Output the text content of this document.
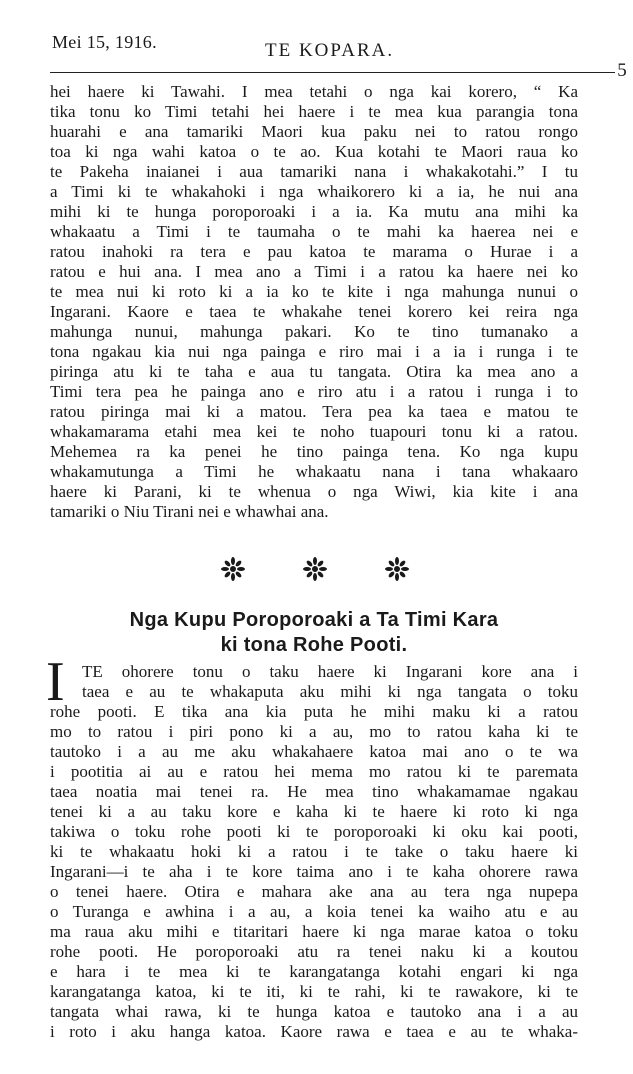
Mei 15, 1916.	TE KOPARA.
5
hei haere ki Tawahi. I mea tetahi o nga kai korero, “ Ka
tika tonu ko Timi tetahi hei haere i te mea kua parangia tona
huarahi e ana tamariki Maori kua paku nei to ratou rongo
toa ki nga wahi katoa o te ao. Kua kotahi te Maori raua ko
te Pakeha inaianei i aua tamariki nana i whakakotahi.” I tu
a Timi ki te whakahoki i nga whaikorero ki a ia, he nui ana
mihi ki te hunga poroporoaki i a ia. Ka mutu ana mihi ka
whakaatu a Timi i te taumaha o te mahi ka haerea nei e
ratou inahoki ra tera e pau katoa te marama o Hurae i a
ratou e hui ana. I mea ano a Timi i a ratou ka haere nei ko
te mea nui ki roto ki a ia ko te kite i nga mahunga nunui o
Ingarani. Kaore e taea te whakahe tenei korero kei reira nga
mahunga nunui, mahunga pakari. Ko te tino tumanako a
tona ngakau kia nui nga painga e riro mai i a ia i runga i te
piringa atu ki te taha e aua tu tangata. Otira ka mea ano a
Timi tera pea he painga ano e riro atu i a ratou i runga i to
ratou piringa mai ki a matou. Tera pea ka taea e matou te
whakamarama etahi mea kei te noho tuapouri tonu ki a ratou.
Mehemea ra ka penei he tino painga tena. Ko nga kupu
whakamutunga a Timi he whakaatu nana i tana whakaaro
haere ki Parani, ki te whenua o nga Wiwi, kia kite i ana
tamariki o Niu Tirani nei e whawhai ana.
Nga Kupu Poroporoaki a Ta Timi Kara
ki tona Rohe Pooti.
I TE ohorere tonu o taku haere ki Ingarani kore ana i
taea e au te whakaputa aku mihi ki nga tangata o toku
rohe pooti. E tika ana kia puta he mihi maku ki a ratou
mo to ratou i piri pono ki a au, mo to ratou kaha ki te
tautoko i a au me aku whakahaere katoa mai ano o te wa
i pootitia ai au e ratou hei mema mo ratou ki te paremata
taea noatia mai tenei ra. He mea tino whakamamae ngakau
tenei ki a au taku kore e kaha ki te haere ki roto ki nga
takiwa o toku rohe pooti ki te poroporoaki ki oku kai pooti,
ki te whakaatu hoki ki a ratou i te take o taku haere ki
Ingarani—i te aha i te kore taima ano i te kaha ohorere rawa
o tenei haere. Otira e mahara ake ana au tera nga nupepa
o Turanga e awhina i a au, a koia tenei ka waiho atu e au
ma raua aku mihi e titaritari haere ki nga marae katoa o toku
rohe pooti. He poroporoaki atu ra tenei naku ki a koutou
e hara i te mea ki te karangatanga kotahi engari ki nga
karangatanga katoa, ki te iti, ki te rahi, ki te rawakore, ki te
tangata whai rawa, ki te hunga katoa e tautoko ana i a au
i roto i aku hanga katoa. Kaore rawa e taea e au te whaka-
